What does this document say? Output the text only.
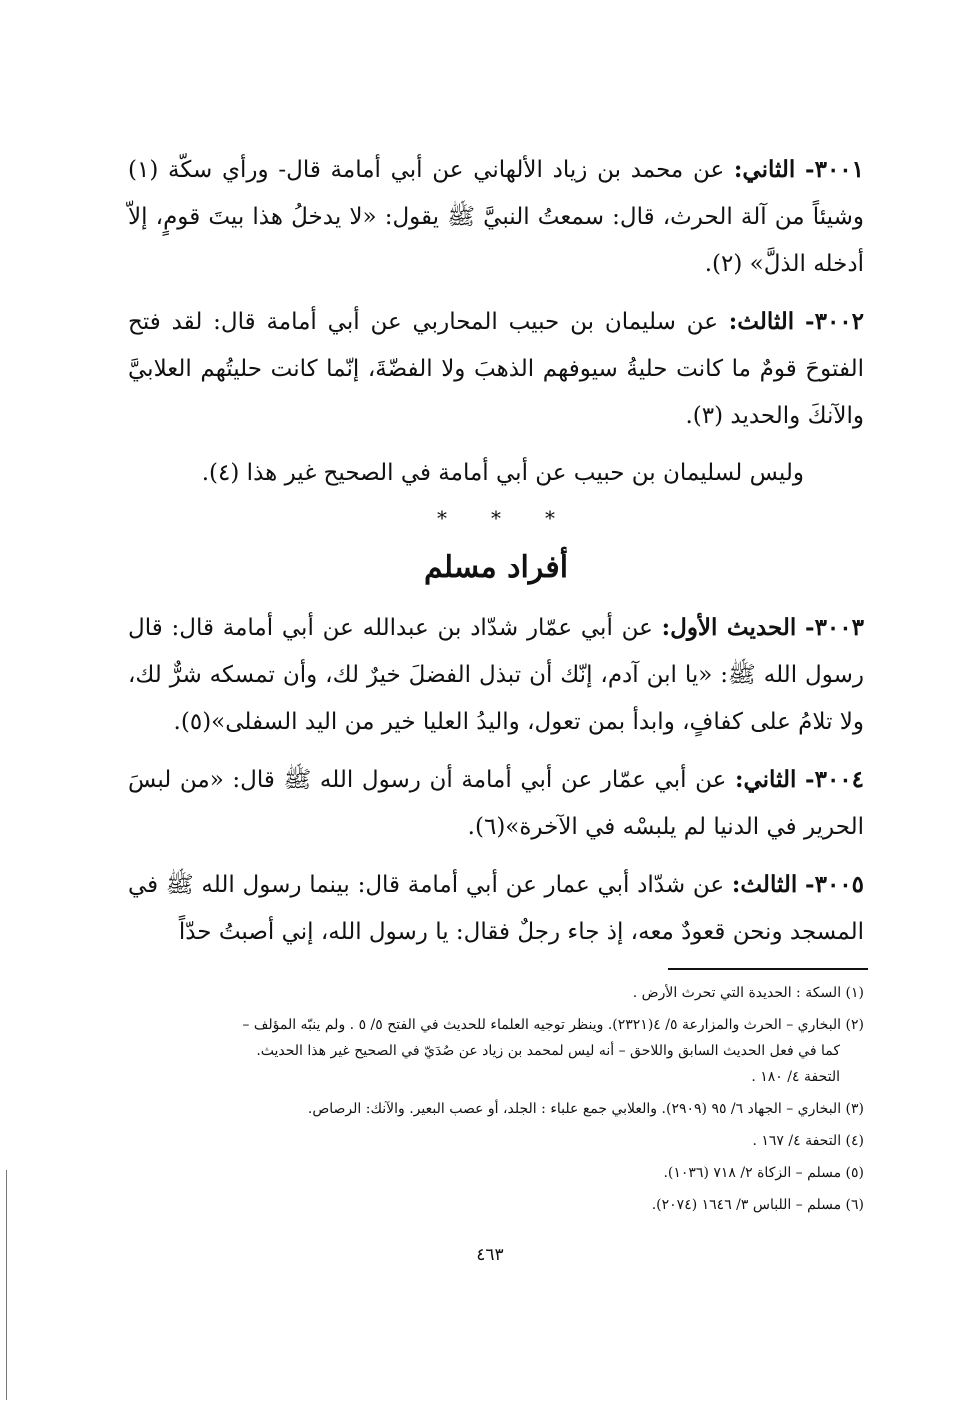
٣٠٠١- الثاني: عن محمد بن زياد الألهاني عن أبي أمامة قال- ورأي سكّة (١) وشيئاً من آلة الحرث، قال: سمعتُ النبيَّ ﷺ يقول: «لا يدخلُ هذا بيتَ قومٍ، إلاّ أدخله الذلَّ» (٢).

٣٠٠٢- الثالث: عن سليمان بن حبيب المحاربي عن أبي أمامة قال: لقد فتح الفتوحَ قومٌ ما كانت حليةُ سيوفهم الذهبَ ولا الفضّةَ، إنّما كانت حليتُهم العلابيَّ والآنكَ والحديد (٣).

وليس لسليمان بن حبيب عن أبي أمامة في الصحيح غير هذا (٤).

***
أفراد مسلم

٣٠٠٣- الحديث الأول: عن أبي عمّار شدّاد بن عبدالله عن أبي أمامة قال: قال رسول الله ﷺ: «يا ابن آدم، إنّك أن تبذل الفضلَ خيرٌ لك، وأن تمسكه شرٌّ لك، ولا تلامُ على كفافٍ، وابدأ بمن تعول، واليدُ العليا خير من اليد السفلى»(٥).

٣٠٠٤- الثاني: عن أبي عمّار عن أبي أمامة أن رسول الله ﷺ قال: «من لبسَ الحرير في الدنيا لم يلبسْه في الآخرة»(٦).

٣٠٠٥- الثالث: عن شدّاد أبي عمار عن أبي أمامة قال: بينما رسول الله ﷺ في المسجد ونحن قعودٌ معه، إذ جاء رجلٌ فقال: يا رسول الله، إني أصبتُ حدّاً

(١) السكة : الحديدة التي تحرث الأرض .
(٢) البخاري – الحرث والمزارعة ٥/ ٤(٢٣٢١). وينظر توجيه العلماء للحديث في الفتح ٥/ ٥ . ولم ينبّه المؤلف –
كما في فعل الحديث السابق واللاحق – أنه ليس لمحمد بن زياد عن صُدَيّ في الصحيح غير هذا الحديث.
التحفة ٤/ ١٨٠ .
(٣) البخاري – الجهاد ٦/ ٩٥ (٢٩٠٩). والعلابي جمع علباء : الجلد، أو عصب البعير. والآنك: الرصاص.
(٤) التحفة ٤/ ١٦٧ .
(٥) مسلم – الزكاة ٢/ ٧١٨ (١٠٣٦).
(٦) مسلم – اللباس ٣/ ١٦٤٦ (٢٠٧٤).
٤٦٣
